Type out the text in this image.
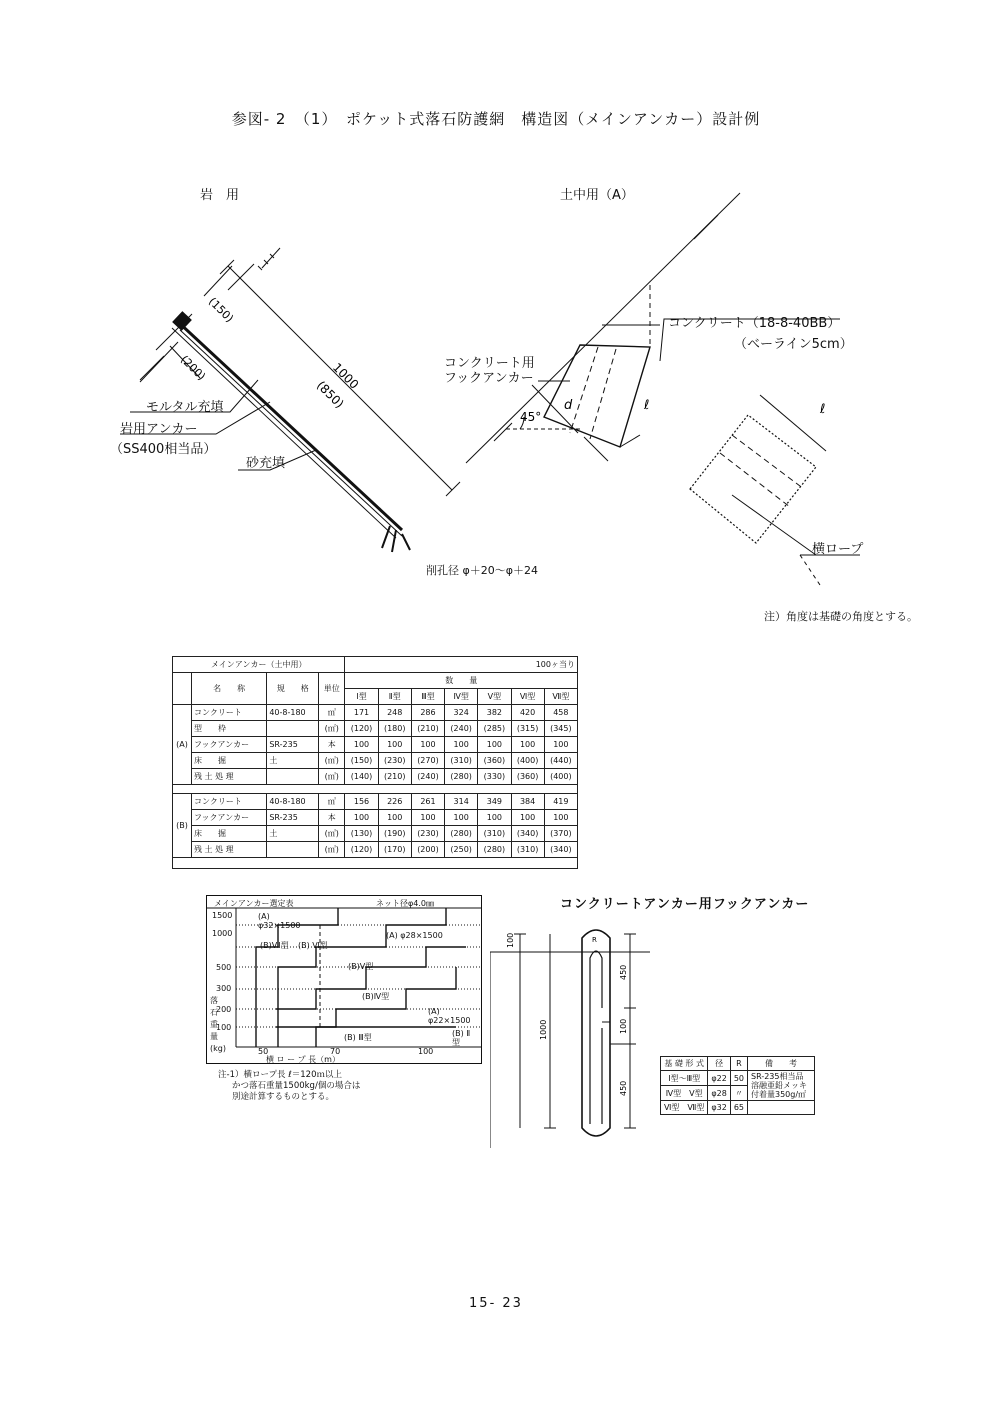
参図- 2　（1）　ポケット式落石防護網　構造図（メインアンカー）設計例
岩　用
(150)
(200)	1000
(850)
モルタル充填
岩用アンカー
（SS400相当品）
砂充填
削孔径 φ＋20～φ＋24
土中用（A）
45°
d	ℓ	ℓ
コンクリート（18-8-40BB）
（ベーライン5cm）
コンクリート用
フックアンカー
横ロープ
注）角度は基礎の角度とする。
メインアンカー（土中用）				100ヶ当り						
	名　　称	規　　格	単位	数　　量						
				Ⅰ型	Ⅱ型	Ⅲ型	Ⅳ型	Ⅴ型	Ⅵ型	Ⅶ型
(A)	コンクリート	40-8-180	㎥	171	248	286	324	382	420	458
	型　　枠		(㎡)	(120)	(180)	(210)	(240)	(285)	(315)	(345)
	フックアンカー	SR-235	本	100	100	100	100	100	100	100
	床　　掘	土	(㎥)	(150)	(230)	(270)	(310)	(360)	(400)	(440)
	残 土 処 理		(㎥)	(140)	(210)	(240)	(280)	(330)	(360)	(400)

(B)	コンクリート	40-8-180	㎥	156	226	261	314	349	384	419
	フックアンカー	SR-235	本	100	100	100	100	100	100	100
	床　　掘	土	(㎥)	(130)	(190)	(230)	(280)	(310)	(340)	(370)
	残 土 処 理		(㎥)	(120)	(170)	(200)	(250)	(280)	(310)	(340)

メインアンカー選定表	ネット径φ4.0㎜
1500
1000
500
300
200
100
落
石
重
量
(kg)	50	70	100
横 ロ ー プ 長（m）
(A) φ32×1500
(A) φ28×1500
(A) φ22×1500
(B)Ⅶ型 (B) Ⅵ型
(B)Ⅴ型
(B)Ⅳ型
(B) Ⅲ型	(B) Ⅱ型
注-1）横ロープ長 ℓ＝120ｍ以上
かつ落石重量1500kg/個の場合は
別途計算するものとする。
コンクリートアンカー用フックアンカー
100
450
100
450
1000
R
基 礎 形 式	径	R	備　　考
Ⅰ型～Ⅲ型	φ22	50	SR-235相当品
溶融亜鉛メッキ
付着量350g/㎡

Ⅳ型　Ⅴ型	φ28	〃	
Ⅵ型　Ⅶ型	φ32	65	
15- 23
